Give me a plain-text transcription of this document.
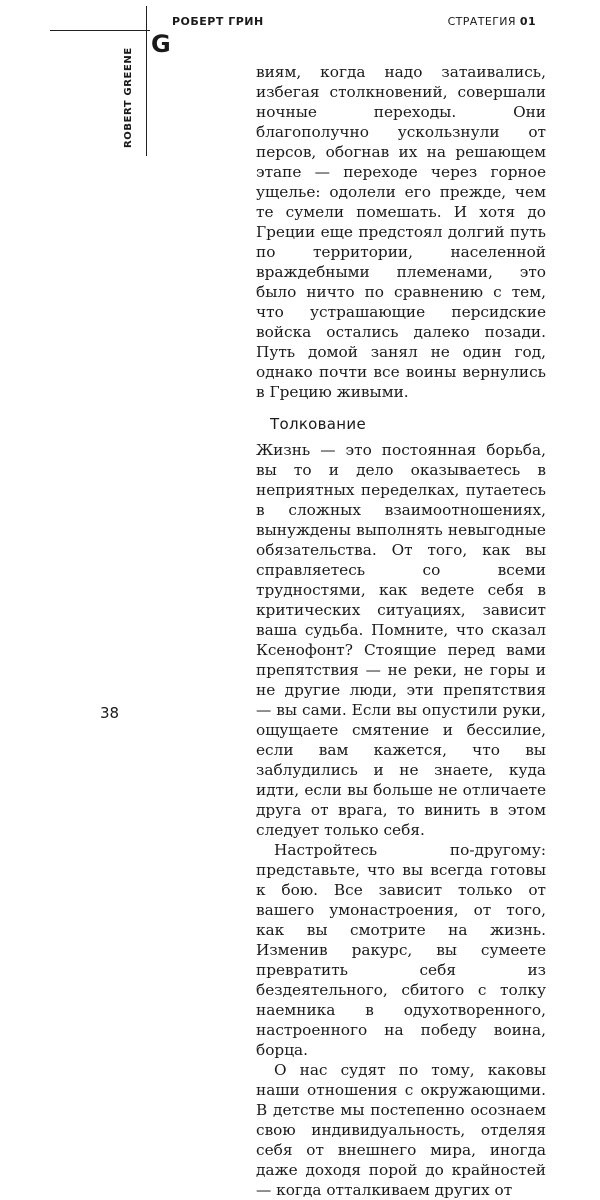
РОБЕРТ ГРИН	СТРАТЕГИЯ 01
G
ROBERT GREENE	виям, когда надо затаивались, избегая столкновений, совершали ночные переходы. Они благополучно ускользнули от персов, обогнав их на решающем этапе — переходе через горное ущелье: одолели его прежде, чем те сумели помешать. И хотя до Греции еще предстоял долгий путь по территории, населенной враждебными племенами, это было ничто по сравнению с тем, что устрашающие персидские войска остались далеко позади. Путь домой занял не один год, однако почти все воины вернулись в Грецию живыми.

Толкование

Жизнь — это постоянная борьба, вы то и дело оказываетесь в неприятных переделках, путаетесь в сложных взаимоотношениях, вынуждены выполнять невыгодные обязательства. От того, как вы справляетесь со всеми трудностями, как ведете себя в критических ситуациях, зависит ваша судьба. Помните, что сказал Ксенофонт? Стоящие перед вами препятствия — не реки, не горы и не другие люди, эти препятствия — вы сами. Если вы опустили руки, ощущаете смятение и бессилие, если вам кажется, что вы заблудились и не знаете, куда идти, если вы больше не отличаете друга от врага, то винить в этом следует только себя.

Настройтесь по-другому: представьте, что вы всегда готовы к бою. Все зависит только от вашего умонастроения, от того, как вы смотрите на жизнь. Изменив ракурс, вы сумеете превратить себя из бездеятельного, сбитого с толку наемника в одухотворенного, настроенного на победу воина, борца.

О нас судят по тому, каковы наши отношения с окружающими. В детстве мы постепенно осознаем свою индивидуальность, отделяя себя от внешнего мира, иногда даже доходя порой до крайностей — когда отталкиваем других от

38
